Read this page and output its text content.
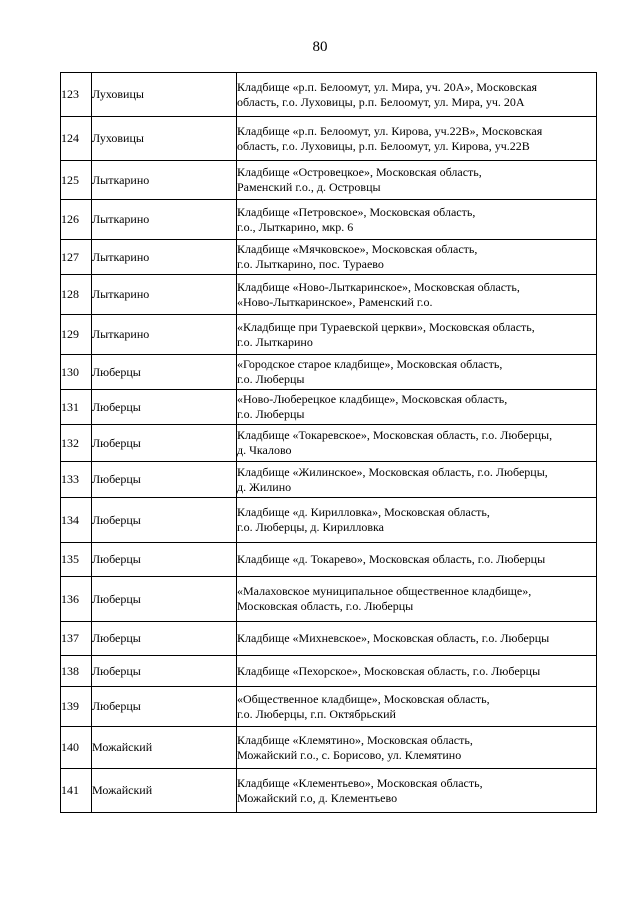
80
123	Луховицы	Кладбище «р.п. Белоомут, ул. Мира, уч. 20А», Московская
область, г.о. Луховицы, р.п. Белоомут, ул. Мира, уч. 20А
124	Луховицы	Кладбище «р.п. Белоомут, ул. Кирова, уч.22В», Московская
область, г.о. Луховицы, р.п. Белоомут, ул. Кирова, уч.22В
125	Лыткарино	Кладбище «Островецкое», Московская область,
Раменский г.о., д. Островцы
126	Лыткарино	Кладбище «Петровское», Московская область,
г.о., Лыткарино, мкр. 6
127	Лыткарино	Кладбище «Мячковское», Московская область,
г.о. Лыткарино, пос. Тураево
128	Лыткарино	Кладбище «Ново-Лыткаринское», Московская область,
«Ново-Лыткаринское», Раменский г.о.
129	Лыткарино	«Кладбище при Тураевской церкви», Московская область,
г.о. Лыткарино
130	Люберцы	«Городское старое кладбище», Московская область,
г.о. Люберцы
131	Люберцы	«Ново-Люберецкое кладбище», Московская область,
г.о. Люберцы
132	Люберцы	Кладбище «Токаревское», Московская область, г.о. Люберцы,
д. Чкалово
133	Люберцы	Кладбище «Жилинское», Московская область, г.о. Люберцы,
д. Жилино
134	Люберцы	Кладбище «д. Кирилловка», Московская область,
г.о. Люберцы, д. Кирилловка
135	Люберцы	Кладбище «д. Токарево», Московская область, г.о. Люберцы
136	Люберцы	«Малаховское муниципальное общественное кладбище»,
Московская область, г.о. Люберцы
137	Люберцы	Кладбище «Михневское», Московская область, г.о. Люберцы
138	Люберцы	Кладбище «Пехорское», Московская область, г.о. Люберцы
139	Люберцы	«Общественное кладбище», Московская область,
г.о. Люберцы, г.п. Октябрьский
140	Можайский	Кладбище «Клемятино», Московская область,
Можайский г.о., с. Борисово, ул. Клемятино
141	Можайский	Кладбище «Клементьево», Московская область,
Можайский г.о, д. Клементьево
